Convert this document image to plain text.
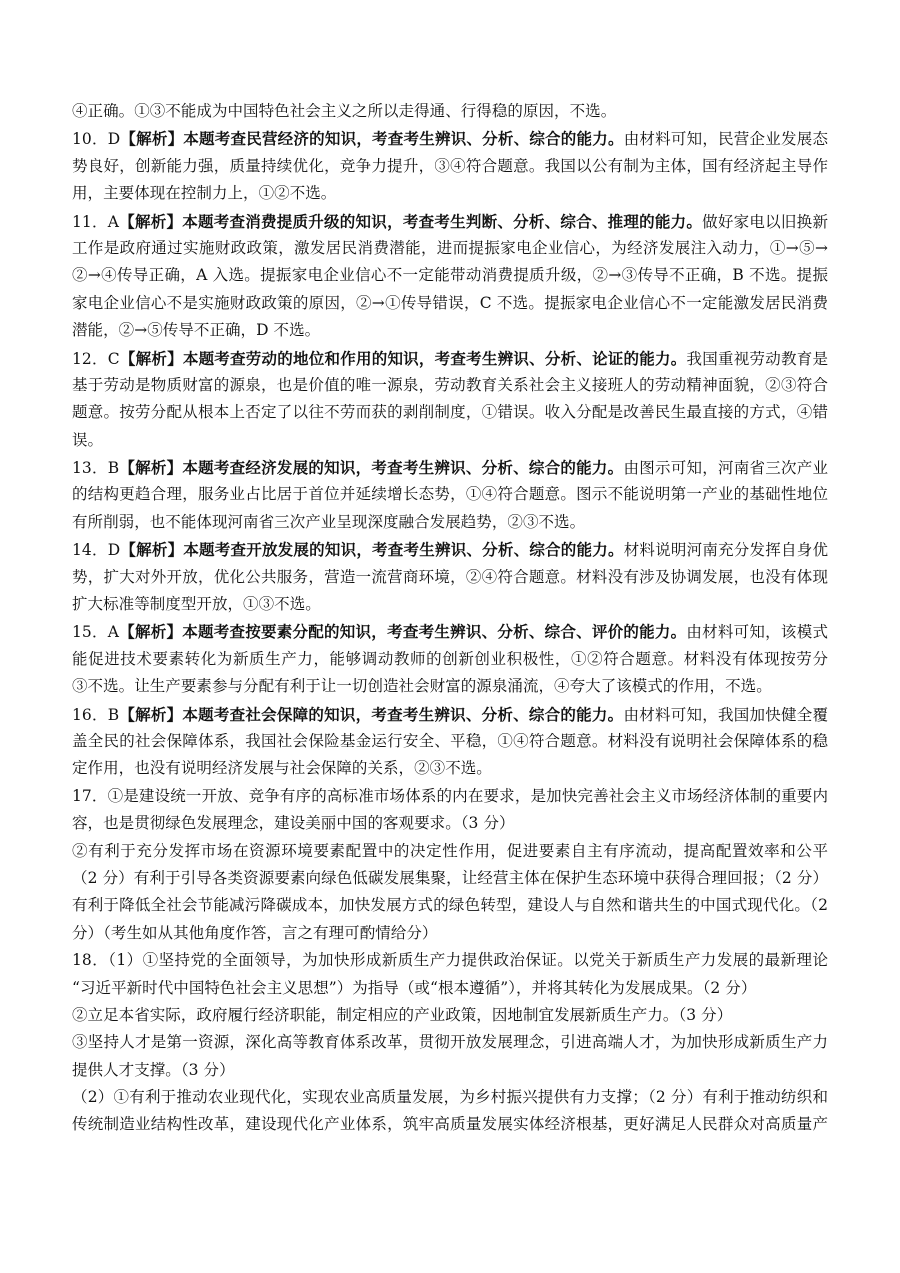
④正确。①③不能成为中国特色社会主义之所以走得通、行得稳的原因，不选。
10．D【解析】本题考查民营经济的知识，考查考生辨识、分析、综合的能力。由材料可知，民营企业发展态
势良好，创新能力强，质量持续优化，竞争力提升，③④符合题意。我国以公有制为主体，国有经济起主导作
用，主要体现在控制力上，①②不选。
11．A【解析】本题考查消费提质升级的知识，考查考生判断、分析、综合、推理的能力。做好家电以旧换新
工作是政府通过实施财政政策，激发居民消费潜能，进而提振家电企业信心，为经济发展注入动力，①→⑤→
②→④传导正确，A 入选。提振家电企业信心不一定能带动消费提质升级，②→③传导不正确，B 不选。提振
家电企业信心不是实施财政政策的原因，②→①传导错误，C 不选。提振家电企业信心不一定能激发居民消费
潜能，②→⑤传导不正确，D 不选。
12．C【解析】本题考查劳动的地位和作用的知识，考查考生辨识、分析、论证的能力。我国重视劳动教育是
基于劳动是物质财富的源泉，也是价值的唯一源泉，劳动教育关系社会主义接班人的劳动精神面貌，②③符合
题意。按劳分配从根本上否定了以往不劳而获的剥削制度，①错误。收入分配是改善民生最直接的方式，④错
误。
13．B【解析】本题考查经济发展的知识，考查考生辨识、分析、综合的能力。由图示可知，河南省三次产业
的结构更趋合理，服务业占比居于首位并延续增长态势，①④符合题意。图示不能说明第一产业的基础性地位
有所削弱，也不能体现河南省三次产业呈现深度融合发展趋势，②③不选。
14．D【解析】本题考查开放发展的知识，考查考生辨识、分析、综合的能力。材料说明河南充分发挥自身优
势，扩大对外开放，优化公共服务，营造一流营商环境，②④符合题意。材料没有涉及协调发展，也没有体现
扩大标准等制度型开放，①③不选。
15．A【解析】本题考查按要素分配的知识，考查考生辨识、分析、综合、评价的能力。由材料可知，该模式
能促进技术要素转化为新质生产力，能够调动教师的创新创业积极性，①②符合题意。材料没有体现按劳分
③不选。让生产要素参与分配有利于让一切创造社会财富的源泉涌流，④夸大了该模式的作用，不选。
16．B【解析】本题考查社会保障的知识，考查考生辨识、分析、综合的能力。由材料可知，我国加快健全覆
盖全民的社会保障体系，我国社会保险基金运行安全、平稳，①④符合题意。材料没有说明社会保障体系的稳
定作用，也没有说明经济发展与社会保障的关系，②③不选。
17．①是建设统一开放、竞争有序的高标准市场体系的内在要求，是加快完善社会主义市场经济体制的重要内
容，也是贯彻绿色发展理念，建设美丽中国的客观要求。（3 分）
②有利于充分发挥市场在资源环境要素配置中的决定性作用，促进要素自主有序流动，提高配置效率和公平
（2 分）有利于引导各类资源要素向绿色低碳发展集聚，让经营主体在保护生态环境中获得合理回报；（2 分）
有利于降低全社会节能减污降碳成本，加快发展方式的绿色转型，建设人与自然和谐共生的中国式现代化。（2
分）（考生如从其他角度作答，言之有理可酌情给分）
18．（1）①坚持党的全面领导，为加快形成新质生产力提供政治保证。以党关于新质生产力发展的最新理论
“习近平新时代中国特色社会主义思想”）为指导（或“根本遵循”），并将其转化为发展成果。（2 分）
②立足本省实际，政府履行经济职能，制定相应的产业政策，因地制宜发展新质生产力。（3 分）
③坚持人才是第一资源，深化高等教育体系改革，贯彻开放发展理念，引进高端人才，为加快形成新质生产力
提供人才支撑。（3 分）
（2）①有利于推动农业现代化，实现农业高质量发展，为乡村振兴提供有力支撑；（2 分）有利于推动纺织和
传统制造业结构性改革，建设现代化产业体系，筑牢高质量发展实体经济根基，更好满足人民群众对高质量产
